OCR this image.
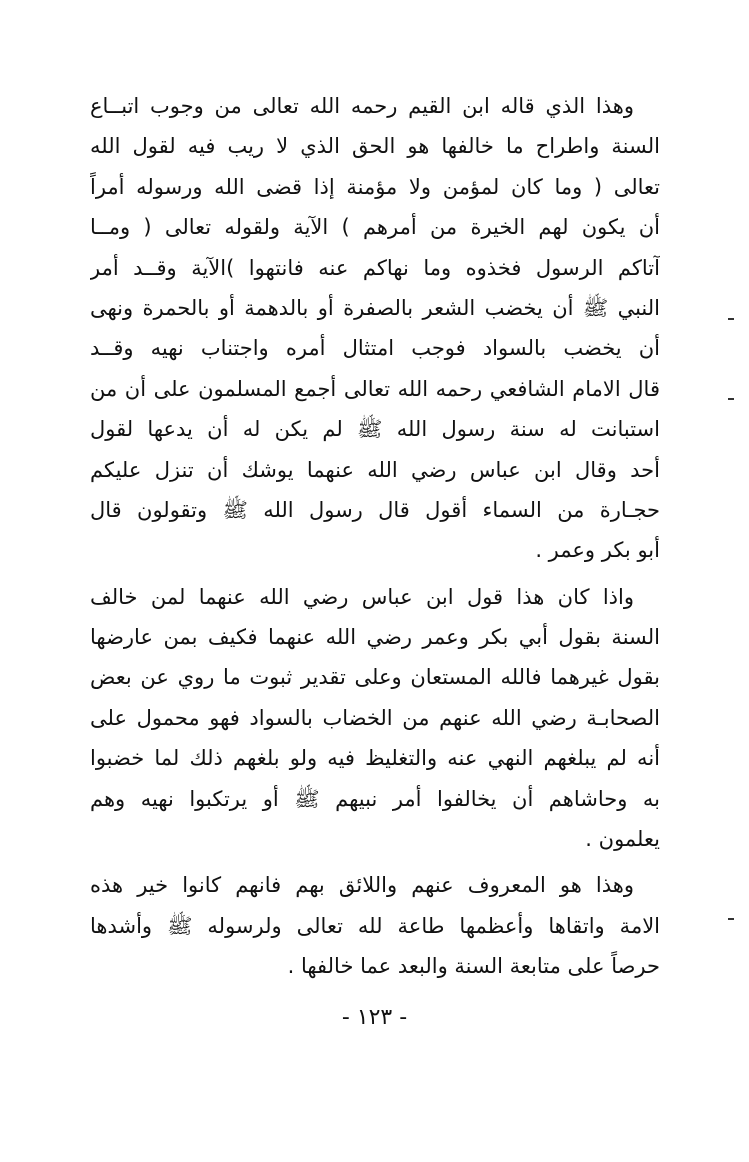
وهذا الذي قاله ابن القيم رحمه الله تعالى من وجوب اتبــاع
السنة واطراح ما خالفها هو الحق الذي لا ريب فيه لقول الله
تعالى ( وما كان لمؤمن ولا مؤمنة إذا قضى الله ورسوله أمراً
أن يكون لهم الخيرة من أمرهم ) الآية ولقوله تعالى ( ومــا
آتاكم الرسول فخذوه وما نهاكم عنه فانتهوا )الآية وقــد أمر
النبي ﷺ أن يخضب الشعر بالصفرة أو بالدهمة أو بالحمرة ونهى
أن يخضب بالسواد فوجب امتثال أمره واجتناب نهيه وقــد
قال الامام الشافعي رحمه الله تعالى أجمع المسلمون على أن من
استبانت له سنة رسول الله ﷺ لم يكن له أن يدعها لقول
أحد وقال ابن عباس رضي الله عنهما يوشك أن تنزل عليكم
حجـارة من السماء أقول قال رسول الله ﷺ وتقولون قال
أبو بكر وعمر .
واذا كان هذا قول ابن عباس رضي الله عنهما لمن خالف
السنة بقول أبي بكر وعمر رضي الله عنهما فكيف بمن عارضها
بقول غيرهما فالله المستعان وعلى تقدير ثبوت ما روي عن بعض
الصحابـة رضي الله عنهم من الخضاب بالسواد فهو محمول على
أنه لم يبلغهم النهي عنه والتغليظ فيه ولو بلغهم ذلك لما خضبوا
به وحاشاهم أن يخالفوا أمر نبيهم ﷺ أو يرتكبوا نهيه وهم
يعلمون .
وهذا هو المعروف عنهم واللائق بهم فانهم كانوا خير هذه
الامة واتقاها وأعظمها طاعة لله تعالى ولرسوله ﷺ وأشدها
حرصاً على متابعة السنة والبعد عما خالفها .
- ١٢٣ -
